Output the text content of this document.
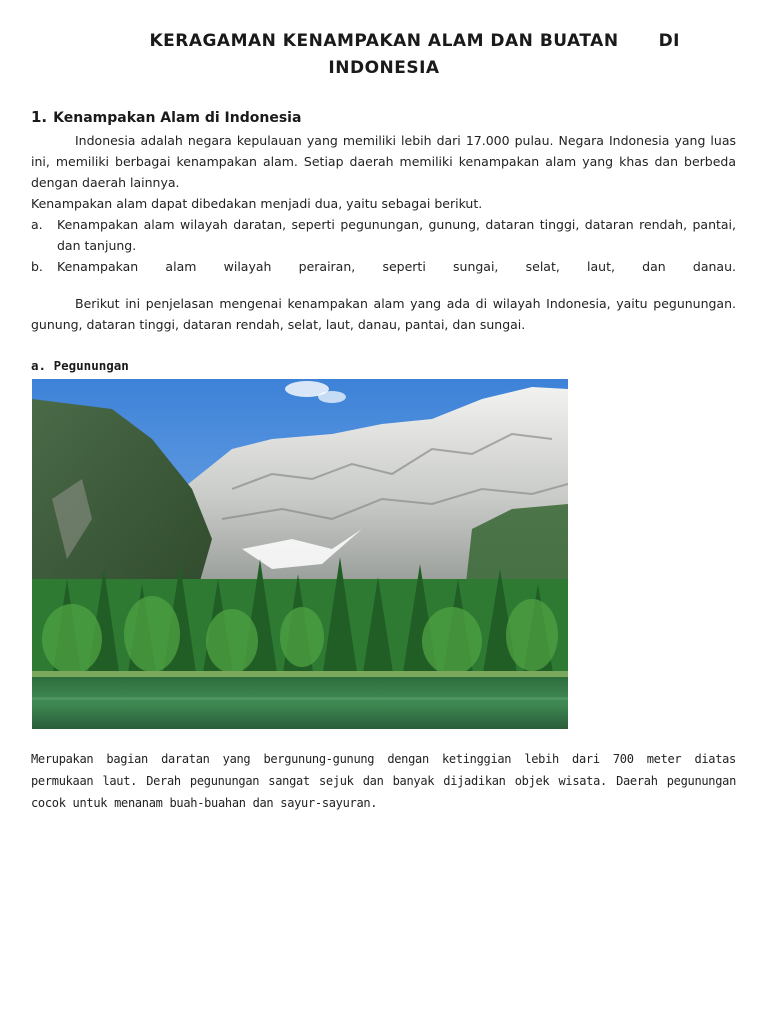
KERAGAMAN KENAMPAKAN ALAM DAN BUATAN DI
INDONESIA
1. Kenampakan Alam di Indonesia
Indonesia adalah negara kepulauan yang memiliki lebih dari 17.000 pulau. Negara Indonesia yang luas ini, memiliki berbagai kenampakan alam. Setiap daerah memiliki kenampakan alam yang khas dan berbeda dengan daerah lainnya.
Kenampakan alam dapat dibedakan menjadi dua, yaitu sebagai berikut.
a. Kenampakan alam wilayah daratan, seperti pegunungan, gunung, dataran tinggi, dataran rendah, pantai, dan tanjung.
b. Kenampakan alam wilayah perairan, seperti sungai, selat, laut, dan danau.
Berikut ini penjelasan mengenai kenampakan alam yang ada di wilayah Indonesia, yaitu pegunungan. gunung, dataran tinggi, dataran rendah, selat, laut, danau, pantai, dan sungai.
a. Pegunungan
Merupakan bagian daratan yang bergunung-gunung dengan ketinggian lebih dari 700 meter diatas permukaan laut. Derah pegunungan sangat sejuk dan banyak dijadikan objek wisata. Daerah pegunungan cocok untuk menanam buah-buahan dan sayur-sayuran.
